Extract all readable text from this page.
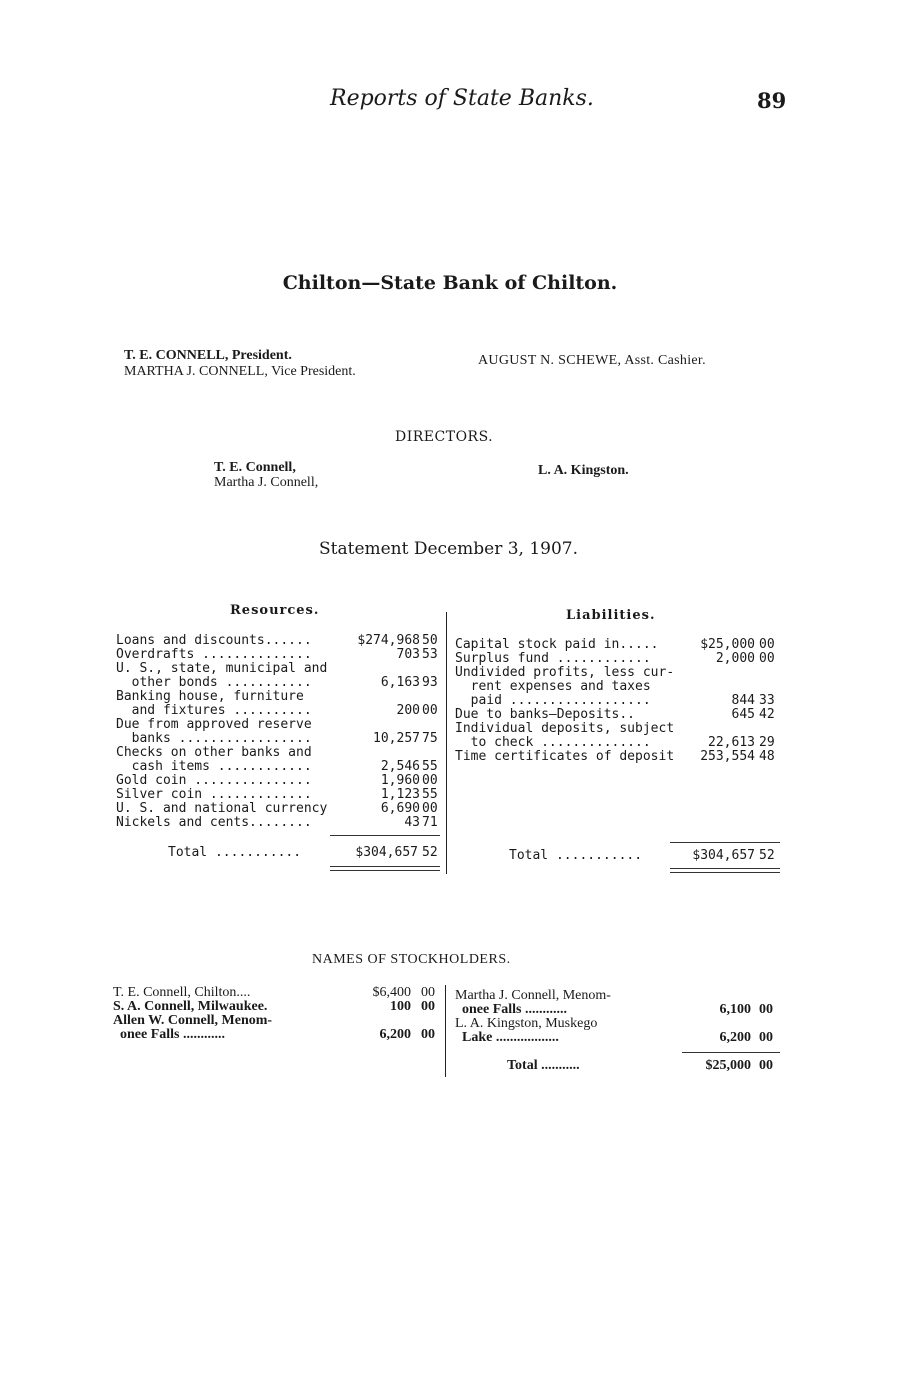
Reports of State Banks.	89
Chilton—State Bank of Chilton.
T. E. CONNELL, President.
MARTHA J. CONNELL, Vice President.
AUGUST N. SCHEWE, Asst. Cashier.
DIRECTORS.
T. E. Connell,
Martha J. Connell,
L. A. Kingston.
Statement December 3, 1907.
Resources.	Liabilities.
Loans and discounts......	$274,968 50
Overdrafts ..............	703 53
U. S., state, municipal and
other bonds ...........	6,163 93
Banking house, furniture
and fixtures ..........	200 00
Due from approved reserve
banks .................	10,257 75
Checks on other banks and
cash items ............	2,546 55
Gold coin ...............	1,960 00
Silver coin .............	1,123 55
U. S. and national currency	6,690 00
Nickels and cents........	43 71
Total ...........	$304,657 52
Capital stock paid in.....	$25,000 00
Surplus fund ............	2,000 00
Undivided profits, less cur-
rent expenses and taxes
paid ..................	844 33
Due to banks—Deposits..	645 42
Individual deposits, subject
to check ..............	22,613 29
Time certificates of deposit	253,554 48
Total ...........	$304,657 52
NAMES OF STOCKHOLDERS.
T. E. Connell, Chilton....	$6,400 00
S. A. Connell, Milwaukee.	100 00
Allen W. Connell, Menom-
onee Falls ............	6,200 00
Martha J. Connell, Menom-
onee Falls ............	6,100 00
L. A. Kingston, Muskego
Lake ..................	6,200 00
Total ...........	$25,000 00
